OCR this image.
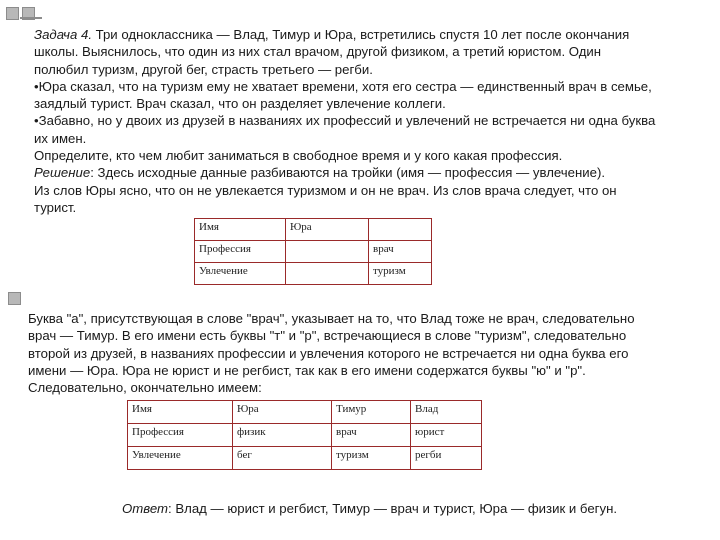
Задача 4. Три одноклассника — Влад, Тимур и Юра, встретились спустя 10 лет после окончания
школы. Выяснилось, что один из них стал врачом, другой физиком, а третий юристом. Один
полюбил туризм, другой бег, страсть третьего — регби.
•Юра сказал, что на туризм ему не хватает времени, хотя его сестра — единственный врач в семье,
заядлый турист. Врач сказал, что он разделяет увлечение коллеги.
•Забавно, но у двоих из друзей в названиях их профессий и увлечений не встречается ни одна буква
их имен.
Определите, кто чем любит заниматься в свободное время и у кого какая профессия.
Решение: Здесь исходные данные разбиваются на тройки (имя — профессия — увлечение).
Из слов Юры ясно, что он не увлекается туризмом и он не врач. Из слов врача следует, что он
турист.
Имя	Юра	
Профессия		врач
Увлечение		туризм
Буква "а", присутствующая в слове "врач", указывает на то, что Влад тоже не врач, следовательно
врач — Тимур. В его имени есть буквы "т" и "р", встречающиеся в слове "туризм", следовательно
второй из друзей, в названиях профессии и увлечения которого не встречается ни одна буква его
имени — Юра. Юра не юрист и не регбист, так как в его имени содержатся буквы "ю" и "р".
Следовательно, окончательно имеем:
Имя	Юра	Тимур	Влад
Профессия	физик	врач	юрист
Увлечение	бег	туризм	регби
Ответ: Влад — юрист и регбист, Тимур — врач и турист, Юра — физик и бегун.
